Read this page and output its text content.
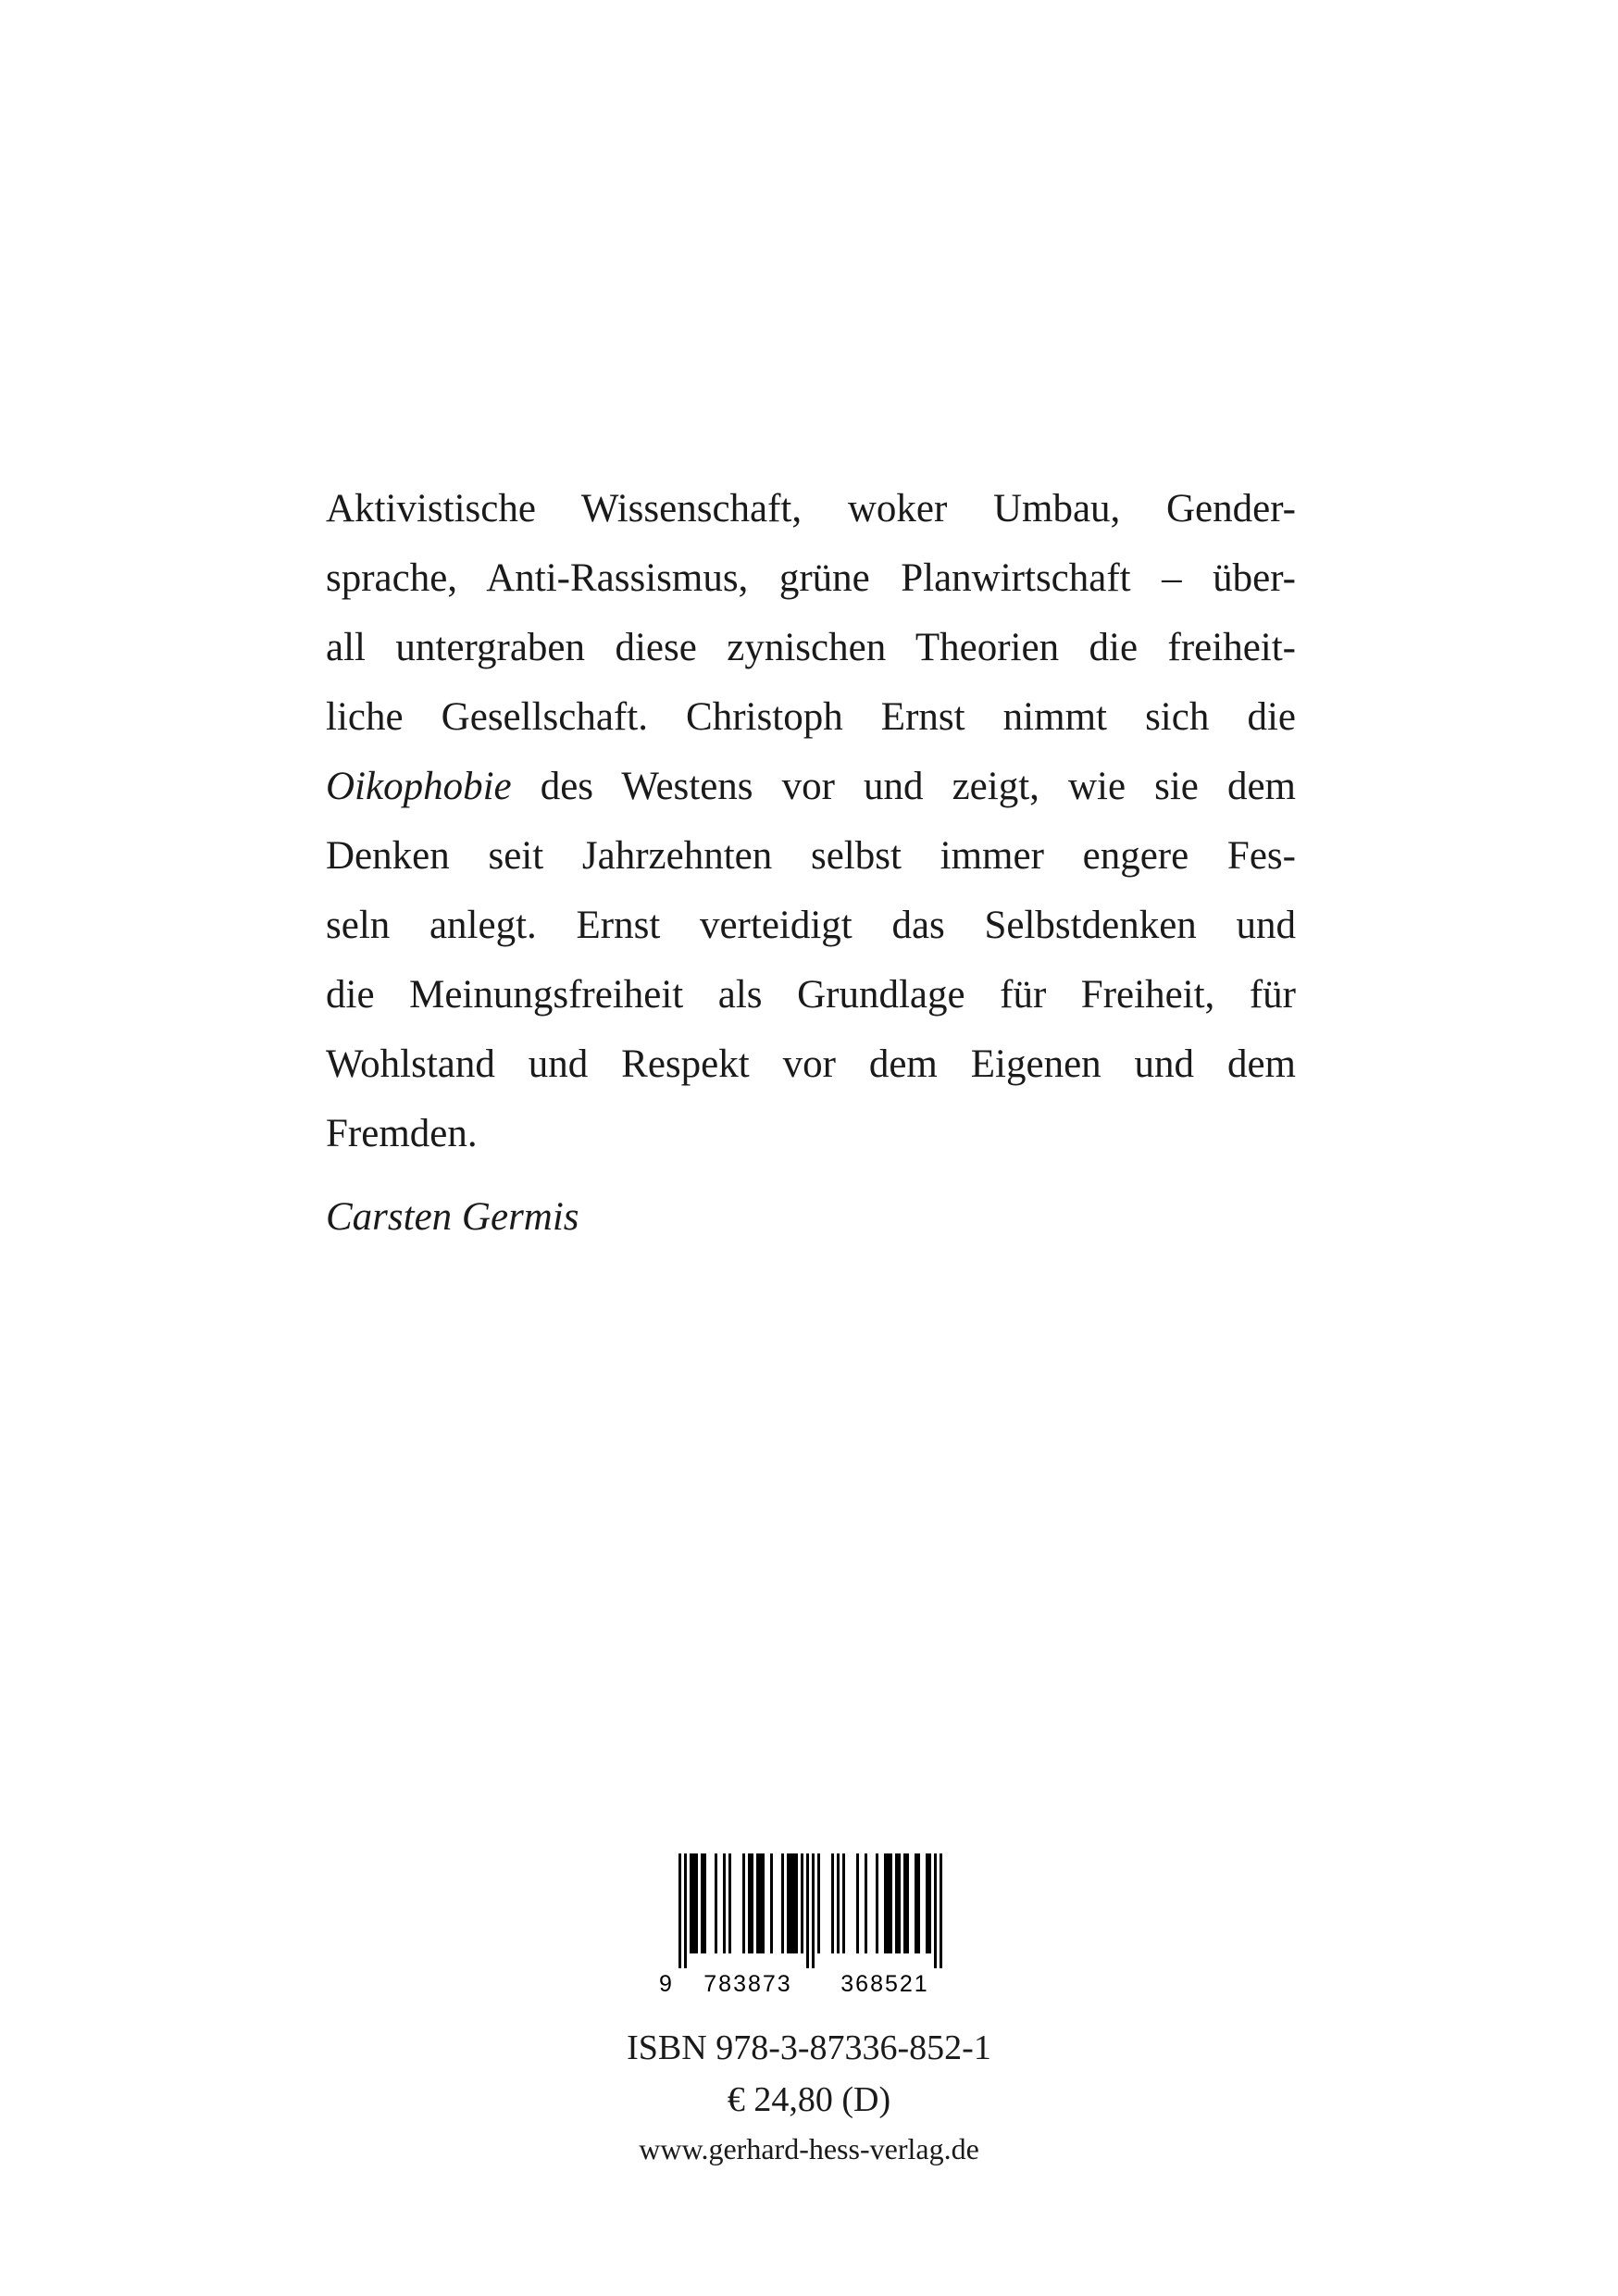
Aktivistische Wissenschaft, woker Umbau, Gender-
sprache, Anti-Rassismus, grüne Planwirtschaft – über-
all untergraben diese zynischen Theorien die freiheit-
liche Gesellschaft. Christoph Ernst nimmt sich die
Oikophobie des Westens vor und zeigt, wie sie dem
Denken seit Jahrzehnten selbst immer engere Fes-
seln anlegt. Ernst verteidigt das Selbstdenken und
die Meinungsfreiheit als Grundlage für Freiheit, für
Wohlstand und Respekt vor dem Eigenen und dem
Fremden.
Carsten Germis
9	783873	368521
ISBN 978-3-87336-852-1
€ 24,80 (D)
www.gerhard-hess-verlag.de
